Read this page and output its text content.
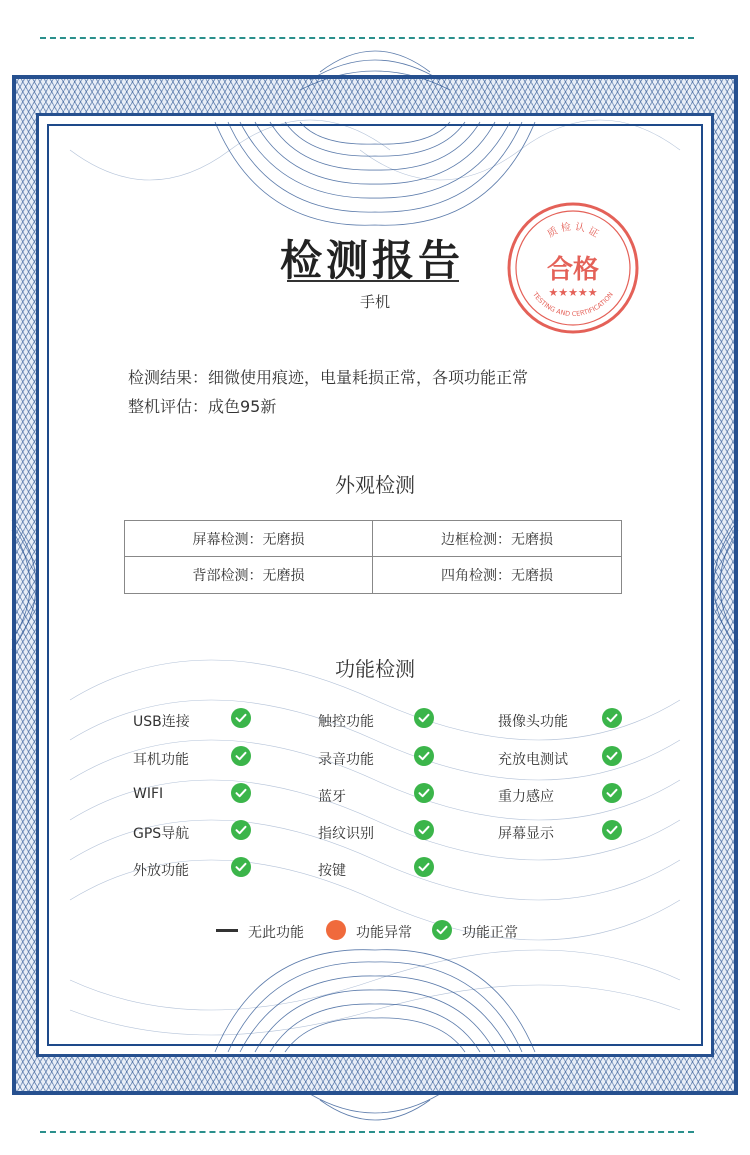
检测报告
手机
质 检 认 证
合格
★★★★★
TESTING AND CERTIFICATION
检测结果：细微使用痕迹，电量耗损正常，各项功能正常
整机评估：成色95新
外观检测
屏幕检测：无磨损	边框检测：无磨损
背部检测：无磨损	四角检测：无磨损
功能检测
USB连接	触控功能	摄像头功能
耳机功能	录音功能	充放电测试
WIFI	蓝牙	重力感应
GPS导航	指纹识别	屏幕显示
外放功能	按键
无此功能	功能异常	功能正常
